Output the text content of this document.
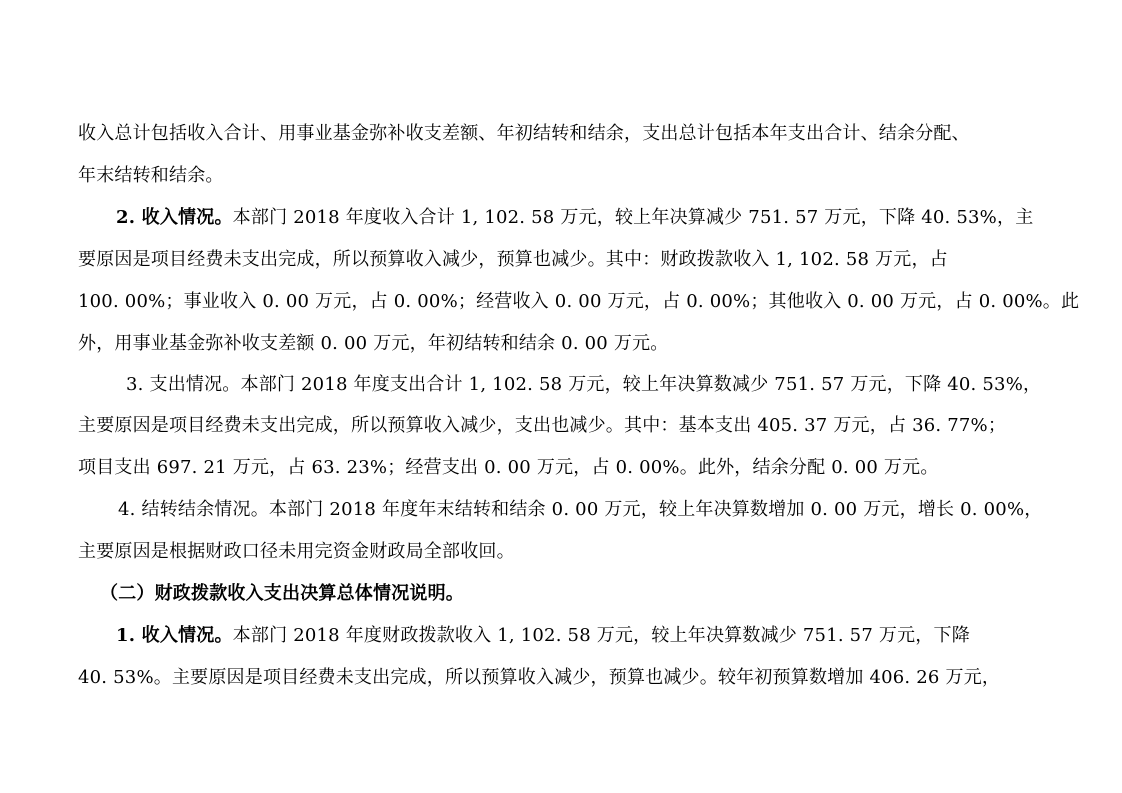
收入总计包括收入合计、用事业基金弥补收支差额、年初结转和结余，支出总计包括本年支出合计、结余分配、
年末结转和结余。
2. 收入情况。本部门 2018 年度收入合计 1, 102. 58 万元，较上年决算减少 751. 57 万元，下降 40. 53%，主
要原因是项目经费未支出完成，所以预算收入减少，预算也减少。其中：财政拨款收入 1, 102. 58 万元，占
100. 00%；事业收入 0. 00 万元，占 0. 00%；经营收入 0. 00 万元，占 0. 00%；其他收入 0. 00 万元，占 0. 00%。此
外，用事业基金弥补收支差额 0. 00 万元，年初结转和结余 0. 00 万元。
3. 支出情况。本部门 2018 年度支出合计 1, 102. 58 万元，较上年决算数减少 751. 57 万元，下降 40. 53%，
主要原因是项目经费未支出完成，所以预算收入减少，支出也减少。其中：基本支出 405. 37 万元，占 36. 77%；
项目支出 697. 21 万元，占 63. 23%；经营支出 0. 00 万元，占 0. 00%。此外，结余分配 0. 00 万元。
4. 结转结余情况。本部门 2018 年度年末结转和结余 0. 00 万元，较上年决算数增加 0. 00 万元，增长 0. 00%，
主要原因是根据财政口径未用完资金财政局全部收回。
（二）财政拨款收入支出决算总体情况说明。
1. 收入情况。本部门 2018 年度财政拨款收入 1, 102. 58 万元，较上年决算数减少 751. 57 万元，下降
40. 53%。主要原因是项目经费未支出完成，所以预算收入减少，预算也减少。较年初预算数增加 406. 26 万元，
